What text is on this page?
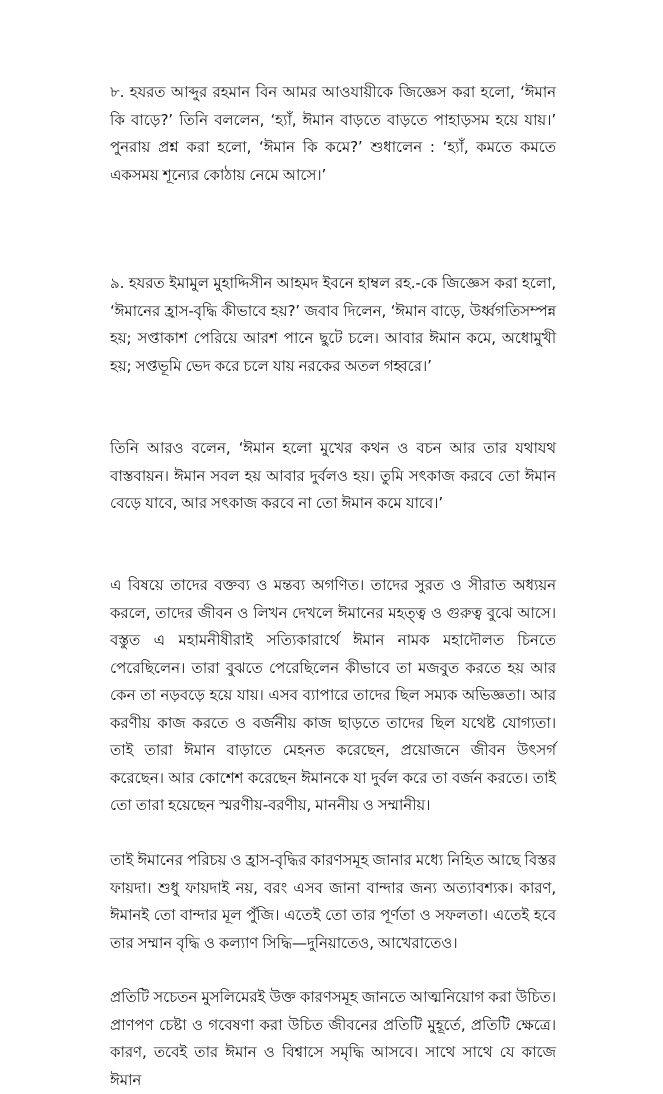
৮. হযরত আব্দুর রহমান বিন আমর আওযায়ীকে জিজ্ঞেস করা হলো, ‘ঈমান কি বাড়ে?’ তিনি বললেন, ‘হ্যাঁ, ঈমান বাড়তে বাড়তে পাহাড়সম হয়ে যায়।’ পুনরায় প্রশ্ন করা হলো, ‘ঈমান কি কমে?’ শুধালেন : ‘হ্যাঁ, কমতে কমতে একসময় শূন্যের কোঠায় নেমে আসে।’

৯. হযরত ইমামুল মুহাদ্দিসীন আহমদ ইবনে হাম্বল রহ.-কে জিজ্ঞেস করা হলো, ‘ঈমানের হ্রাস-বৃদ্ধি কীভাবে হয়?’ জবাব দিলেন, ‘ঈমান বাড়ে, উর্ধ্বগতিসম্পন্ন হয়; সপ্তাকাশ পেরিয়ে আরশ পানে ছুটে চলে। আবার ঈমান কমে, অধোমুখী হয়; সপ্তভূমি ভেদ করে চলে যায় নরকের অতল গহ্বরে।’

তিনি আরও বলেন, ‘ঈমান হলো মুখের কথন ও বচন আর তার যথাযথ বাস্তবায়ন। ঈমান সবল হয় আবার দুর্বলও হয়। তুমি সৎকাজ করবে তো ঈমান বেড়ে যাবে, আর সৎকাজ করবে না তো ঈমান কমে যাবে।’

এ বিষয়ে তাদের বক্তব্য ও মন্তব্য অগণিত। তাদের সুরত ও সীরাত অধ্যয়ন করলে, তাদের জীবন ও লিখন দেখলে ঈমানের মহত্ত্ব ও গুরুত্ব বুঝে আসে। বস্তুত এ মহামনীষীরাই সত্যিকারার্থে ঈমান নামক মহাদৌলত চিনতে পেরেছিলেন। তারা বুঝতে পেরেছিলেন কীভাবে তা মজবুত করতে হয় আর কেন তা নড়বড়ে হয়ে যায়। এসব ব্যাপারে তাদের ছিল সম্যক অভিজ্ঞতা। আর করণীয় কাজ করতে ও বর্জনীয় কাজ ছাড়তে তাদের ছিল যথেষ্ট যোগ্যতা। তাই তারা ঈমান বাড়াতে মেহনত করেছেন, প্রয়োজনে জীবন উৎসর্গ করেছেন। আর কোশেশ করেছেন ঈমানকে যা দুর্বল করে তা বর্জন করতে। তাই তো তারা হয়েছেন স্মরণীয়-বরণীয়, মাননীয় ও সম্মানীয়।

তাই ঈমানের পরিচয় ও হ্রাস-বৃদ্ধির কারণসমূহ জানার মধ্যে নিহিত আছে বিস্তর ফায়দা। শুধু ফায়দাই নয়, বরং এসব জানা বান্দার জন্য অত্যাবশ্যক। কারণ, ঈমানই তো বান্দার মূল পুঁজি। এতেই তো তার পূর্ণতা ও সফলতা। এতেই হবে তার সম্মান বৃদ্ধি ও কল্যাণ সিদ্ধি—দুনিয়াতেও, আখেরাতেও।

প্রতিটি সচেতন মুসলিমেরই উক্ত কারণসমূহ জানতে আত্মনিয়োগ করা উচিত। প্রাণপণ চেষ্টা ও গবেষণা করা উচিত জীবনের প্রতিটি মুহূর্তে, প্রতিটি ক্ষেত্রে। কারণ, তবেই তার ঈমান ও বিশ্বাসে সমৃদ্ধি আসবে। সাথে সাথে যে কাজে ঈমান
